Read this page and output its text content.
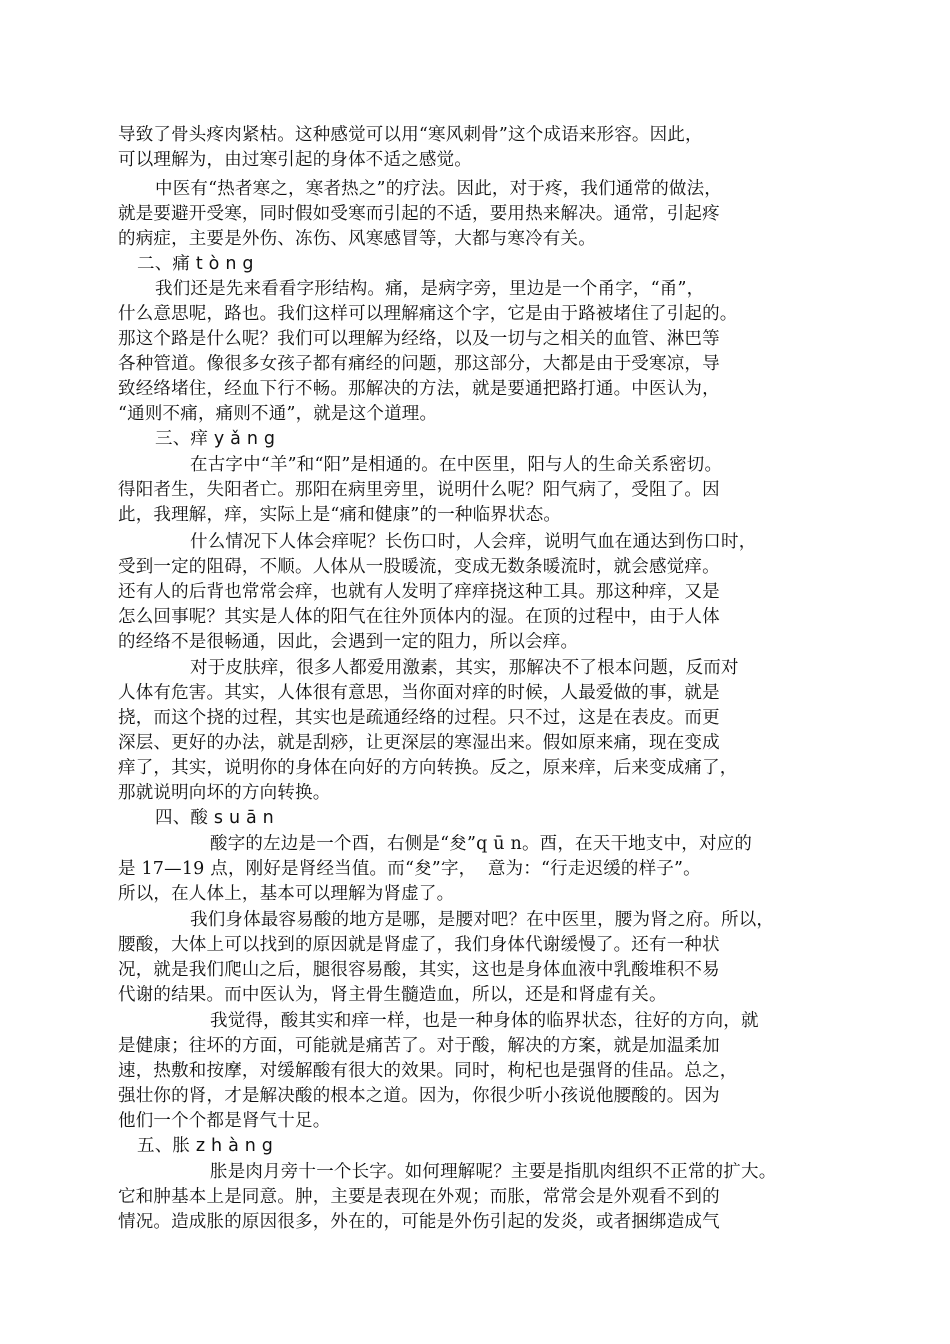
导致了骨头疼肉紧枯。这种感觉可以用“寒风刺骨”这个成语来形容。因此，
可以理解为，由过寒引起的身体不适之感觉。
中医有“热者寒之，寒者热之”的疗法。因此，对于疼，我们通常的做法，
就是要避开受寒，同时假如受寒而引起的不适，要用热来解决。通常，引起疼
的病症，主要是外伤、冻伤、风寒感冒等，大都与寒冷有关。
二、痛 t ò n g
我们还是先来看看字形结构。痛，是病字旁，里边是一个甬字，“甬”，
什么意思呢，路也。我们这样可以理解痛这个字，它是由于路被堵住了引起的。
那这个路是什么呢？我们可以理解为经络，以及一切与之相关的血管、淋巴等
各种管道。像很多女孩子都有痛经的问题，那这部分，大都是由于受寒凉，导
致经络堵住，经血下行不畅。那解决的方法，就是要通把路打通。中医认为，
“通则不痛，痛则不通”，就是这个道理。
三、痒 y ǎ n g
在古字中“羊”和“阳”是相通的。在中医里，阳与人的生命关系密切。
得阳者生，失阳者亡。那阳在病里旁里，说明什么呢？阳气病了，受阻了。因
此，我理解，痒，实际上是“痛和健康”的一种临界状态。
什么情况下人体会痒呢？长伤口时，人会痒，说明气血在通达到伤口时，
受到一定的阻碍，不顺。人体从一股暖流，变成无数条暖流时，就会感觉痒。
还有人的后背也常常会痒，也就有人发明了痒痒挠这种工具。那这种痒，又是
怎么回事呢？其实是人体的阳气在往外顶体内的湿。在顶的过程中，由于人体
的经络不是很畅通，因此，会遇到一定的阻力，所以会痒。
对于皮肤痒，很多人都爱用激素，其实，那解决不了根本问题，反而对
人体有危害。其实，人体很有意思，当你面对痒的时候，人最爱做的事，就是
挠，而这个挠的过程，其实也是疏通经络的过程。只不过，这是在表皮。而更
深层、更好的办法，就是刮痧，让更深层的寒湿出来。假如原来痛，现在变成
痒了，其实，说明你的身体在向好的方向转换。反之，原来痒，后来变成痛了，
那就说明向坏的方向转换。
四、酸 s u ā n
酸字的左边是一个酉，右侧是“夋”q ū n。酉，在天干地支中，对应的
是 17—19 点，刚好是肾经当值。而“夋”字，  意为：“行走迟缓的样子”。
所以，在人体上，基本可以理解为肾虚了。
我们身体最容易酸的地方是哪，是腰对吧？在中医里，腰为肾之府。所以，
腰酸，大体上可以找到的原因就是肾虚了，我们身体代谢缓慢了。还有一种状
况，就是我们爬山之后，腿很容易酸，其实，这也是身体血液中乳酸堆积不易
代谢的结果。而中医认为，肾主骨生髓造血，所以，还是和肾虚有关。
我觉得，酸其实和痒一样，也是一种身体的临界状态，往好的方向，就
是健康；往坏的方面，可能就是痛苦了。对于酸，解决的方案，就是加温柔加
速，热敷和按摩，对缓解酸有很大的效果。同时，枸杞也是强肾的佳品。总之，
强壮你的肾，才是解决酸的根本之道。因为，你很少听小孩说他腰酸的。因为
他们一个个都是肾气十足。
五、胀 z h à n g
胀是肉月旁十一个长字。如何理解呢？主要是指肌肉组织不正常的扩大。
它和肿基本上是同意。肿，主要是表现在外观；而胀，常常会是外观看不到的
情况。造成胀的原因很多，外在的，可能是外伤引起的发炎，或者捆绑造成气
